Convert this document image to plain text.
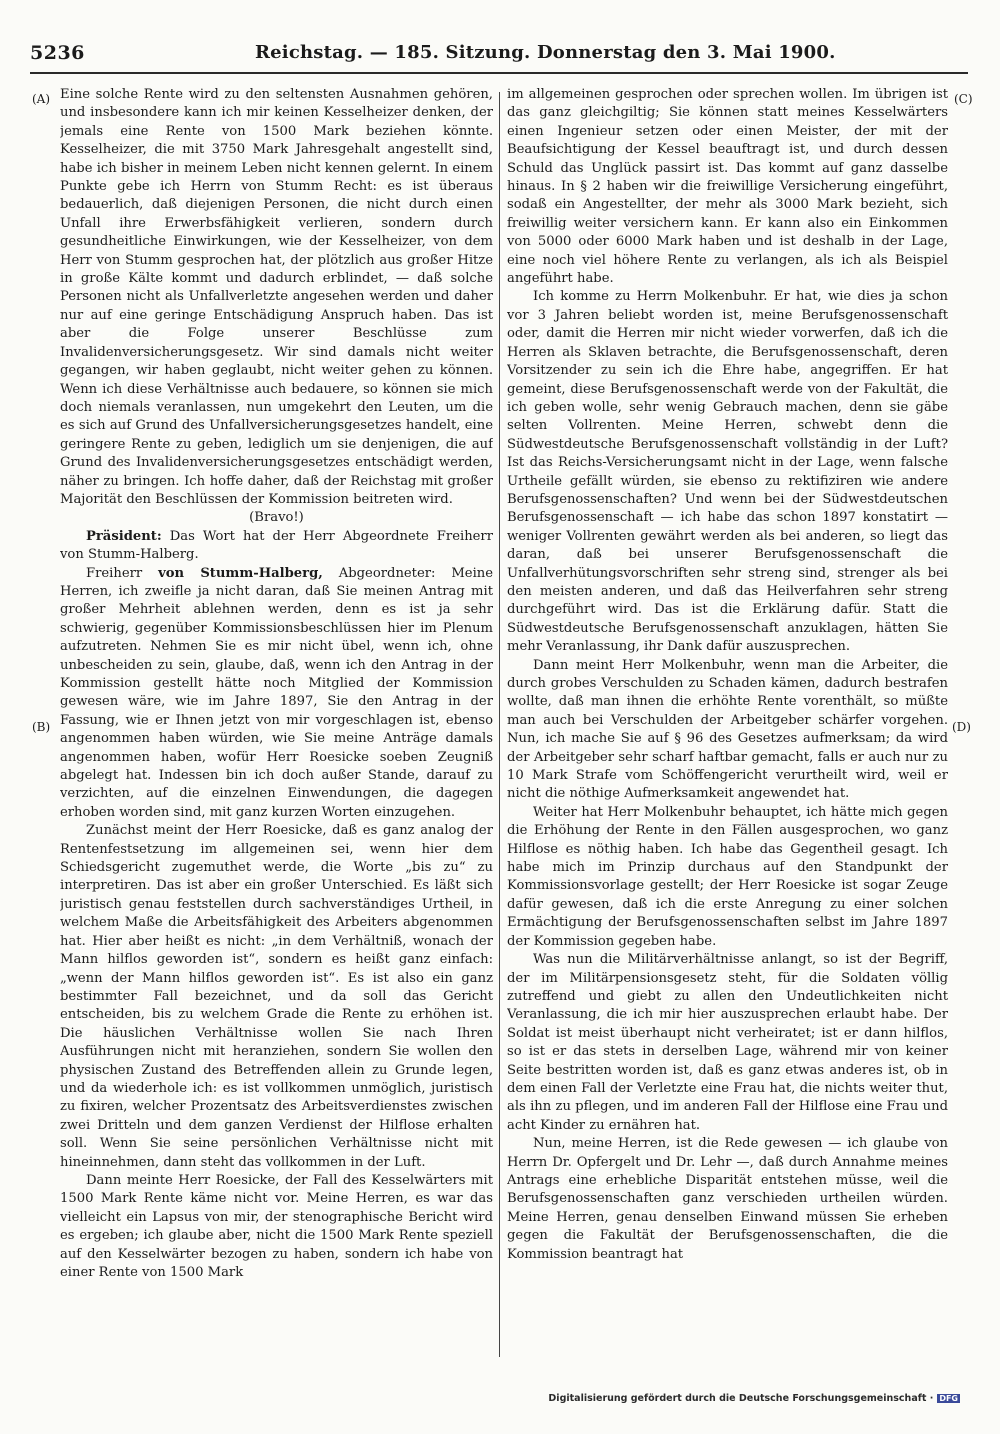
5236	Reichstag. — 185. Sitzung. Donnerstag den 3. Mai 1900.
(A)
(B)
(C)
(D)

Eine solche Rente wird zu den seltensten Ausnahmen gehören, und insbesondere kann ich mir keinen Kesselheizer denken, der jemals eine Rente von 1500 Mark beziehen könnte. Kesselheizer, die mit 3750 Mark Jahresgehalt angestellt sind, habe ich bisher in meinem Leben nicht kennen gelernt. In einem Punkte gebe ich Herrn von Stumm Recht: es ist überaus bedauerlich, daß diejenigen Personen, die nicht durch einen Unfall ihre Erwerbsfähigkeit verlieren, sondern durch gesundheitliche Einwirkungen, wie der Kesselheizer, von dem Herr von Stumm gesprochen hat, der plötzlich aus großer Hitze in große Kälte kommt und dadurch erblindet, — daß solche Personen nicht als Unfallverletzte angesehen werden und daher nur auf eine geringe Entschädigung Anspruch haben. Das ist aber die Folge unserer Beschlüsse zum Invalidenversicherungsgesetz. Wir sind damals nicht weiter gegangen, wir haben geglaubt, nicht weiter gehen zu können. Wenn ich diese Verhältnisse auch bedauere, so können sie mich doch niemals veranlassen, nun umgekehrt den Leuten, um die es sich auf Grund des Unfallversicherungsgesetzes handelt, eine geringere Rente zu geben, lediglich um sie denjenigen, die auf Grund des Invalidenversicherungsgesetzes entschädigt werden, näher zu bringen. Ich hoffe daher, daß der Reichstag mit großer Majorität den Beschlüssen der Kommission beitreten wird.

(Bravo!)

Präsident: Das Wort hat der Herr Abgeordnete Freiherr von Stumm-Halberg.

Freiherr von Stumm-Halberg, Abgeordneter: Meine Herren, ich zweifle ja nicht daran, daß Sie meinen Antrag mit großer Mehrheit ablehnen werden, denn es ist ja sehr schwierig, gegenüber Kommissionsbeschlüssen hier im Plenum aufzutreten. Nehmen Sie es mir nicht übel, wenn ich, ohne unbescheiden zu sein, glaube, daß, wenn ich den Antrag in der Kommission gestellt hätte noch Mitglied der Kommission gewesen wäre, wie im Jahre 1897, Sie den Antrag in der Fassung, wie er Ihnen jetzt von mir vorgeschlagen ist, ebenso angenommen haben würden, wie Sie meine Anträge damals angenommen haben, wofür Herr Roesicke soeben Zeugniß abgelegt hat. Indessen bin ich doch außer Stande, darauf zu verzichten, auf die einzelnen Einwendungen, die dagegen erhoben worden sind, mit ganz kurzen Worten einzugehen.

Zunächst meint der Herr Roesicke, daß es ganz analog der Rentenfestsetzung im allgemeinen sei, wenn hier dem Schiedsgericht zugemuthet werde, die Worte „bis zu“ zu interpretiren. Das ist aber ein großer Unterschied. Es läßt sich juristisch genau feststellen durch sachverständiges Urtheil, in welchem Maße die Arbeitsfähigkeit des Arbeiters abgenommen hat. Hier aber heißt es nicht: „in dem Verhältniß, wonach der Mann hilflos geworden ist“, sondern es heißt ganz einfach: „wenn der Mann hilflos geworden ist“. Es ist also ein ganz bestimmter Fall bezeichnet, und da soll das Gericht entscheiden, bis zu welchem Grade die Rente zu erhöhen ist. Die häuslichen Verhältnisse wollen Sie nach Ihren Ausführungen nicht mit heranziehen, sondern Sie wollen den physischen Zustand des Betreffenden allein zu Grunde legen, und da wiederhole ich: es ist vollkommen unmöglich, juristisch zu fixiren, welcher Prozentsatz des Arbeitsverdienstes zwischen zwei Dritteln und dem ganzen Verdienst der Hilflose erhalten soll. Wenn Sie seine persönlichen Verhältnisse nicht mit hineinnehmen, dann steht das vollkommen in der Luft.

Dann meinte Herr Roesicke, der Fall des Kesselwärters mit 1500 Mark Rente käme nicht vor. Meine Herren, es war das vielleicht ein Lapsus von mir, der stenographische Bericht wird es ergeben; ich glaube aber, nicht die 1500 Mark Rente speziell auf den Kesselwärter bezogen zu haben, sondern ich habe von einer Rente von 1500 Mark

im allgemeinen gesprochen oder sprechen wollen. Im übrigen ist das ganz gleichgiltig; Sie können statt meines Kesselwärters einen Ingenieur setzen oder einen Meister, der mit der Beaufsichtigung der Kessel beauftragt ist, und durch dessen Schuld das Unglück passirt ist. Das kommt auf ganz dasselbe hinaus. In § 2 haben wir die freiwillige Versicherung eingeführt, sodaß ein Angestellter, der mehr als 3000 Mark bezieht, sich freiwillig weiter versichern kann. Er kann also ein Einkommen von 5000 oder 6000 Mark haben und ist deshalb in der Lage, eine noch viel höhere Rente zu verlangen, als ich als Beispiel angeführt habe.

Ich komme zu Herrn Molkenbuhr. Er hat, wie dies ja schon vor 3 Jahren beliebt worden ist, meine Berufsgenossenschaft oder, damit die Herren mir nicht wieder vorwerfen, daß ich die Herren als Sklaven betrachte, die Berufsgenossenschaft, deren Vorsitzender zu sein ich die Ehre habe, angegriffen. Er hat gemeint, diese Berufsgenossenschaft werde von der Fakultät, die ich geben wolle, sehr wenig Gebrauch machen, denn sie gäbe selten Vollrenten. Meine Herren, schwebt denn die Südwestdeutsche Berufsgenossenschaft vollständig in der Luft? Ist das Reichs-Versicherungsamt nicht in der Lage, wenn falsche Urtheile gefällt würden, sie ebenso zu rektifiziren wie andere Berufsgenossenschaften? Und wenn bei der Südwestdeutschen Berufsgenossenschaft — ich habe das schon 1897 konstatirt — weniger Vollrenten gewährt werden als bei anderen, so liegt das daran, daß bei unserer Berufsgenossenschaft die Unfallverhütungsvorschriften sehr streng sind, strenger als bei den meisten anderen, und daß das Heilverfahren sehr streng durchgeführt wird. Das ist die Erklärung dafür. Statt die Südwestdeutsche Berufsgenossenschaft anzuklagen, hätten Sie mehr Veranlassung, ihr Dank dafür auszusprechen.

Dann meint Herr Molkenbuhr, wenn man die Arbeiter, die durch grobes Verschulden zu Schaden kämen, dadurch bestrafen wollte, daß man ihnen die erhöhte Rente vorenthält, so müßte man auch bei Verschulden der Arbeitgeber schärfer vorgehen. Nun, ich mache Sie auf § 96 des Gesetzes aufmerksam; da wird der Arbeitgeber sehr scharf haftbar gemacht, falls er auch nur zu 10 Mark Strafe vom Schöffengericht verurtheilt wird, weil er nicht die nöthige Aufmerksamkeit angewendet hat.

Weiter hat Herr Molkenbuhr behauptet, ich hätte mich gegen die Erhöhung der Rente in den Fällen ausgesprochen, wo ganz Hilflose es nöthig haben. Ich habe das Gegentheil gesagt. Ich habe mich im Prinzip durchaus auf den Standpunkt der Kommissionsvorlage gestellt; der Herr Roesicke ist sogar Zeuge dafür gewesen, daß ich die erste Anregung zu einer solchen Ermächtigung der Berufsgenossenschaften selbst im Jahre 1897 der Kommission gegeben habe.

Was nun die Militärverhältnisse anlangt, so ist der Begriff, der im Militärpensionsgesetz steht, für die Soldaten völlig zutreffend und giebt zu allen den Undeutlichkeiten nicht Veranlassung, die ich mir hier auszusprechen erlaubt habe. Der Soldat ist meist überhaupt nicht verheiratet; ist er dann hilflos, so ist er das stets in derselben Lage, während mir von keiner Seite bestritten worden ist, daß es ganz etwas anderes ist, ob in dem einen Fall der Verletzte eine Frau hat, die nichts weiter thut, als ihn zu pflegen, und im anderen Fall der Hilflose eine Frau und acht Kinder zu ernähren hat.

Nun, meine Herren, ist die Rede gewesen — ich glaube von Herrn Dr. Opfergelt und Dr. Lehr —, daß durch Annahme meines Antrags eine erhebliche Disparität entstehen müsse, weil die Berufsgenossenschaften ganz verschieden urtheilen würden. Meine Herren, genau denselben Einwand müssen Sie erheben gegen die Fakultät der Berufsgenossenschaften, die die Kommission beantragt hat

Digitalisierung gefördert durch die Deutsche Forschungsgemeinschaft · DFG
